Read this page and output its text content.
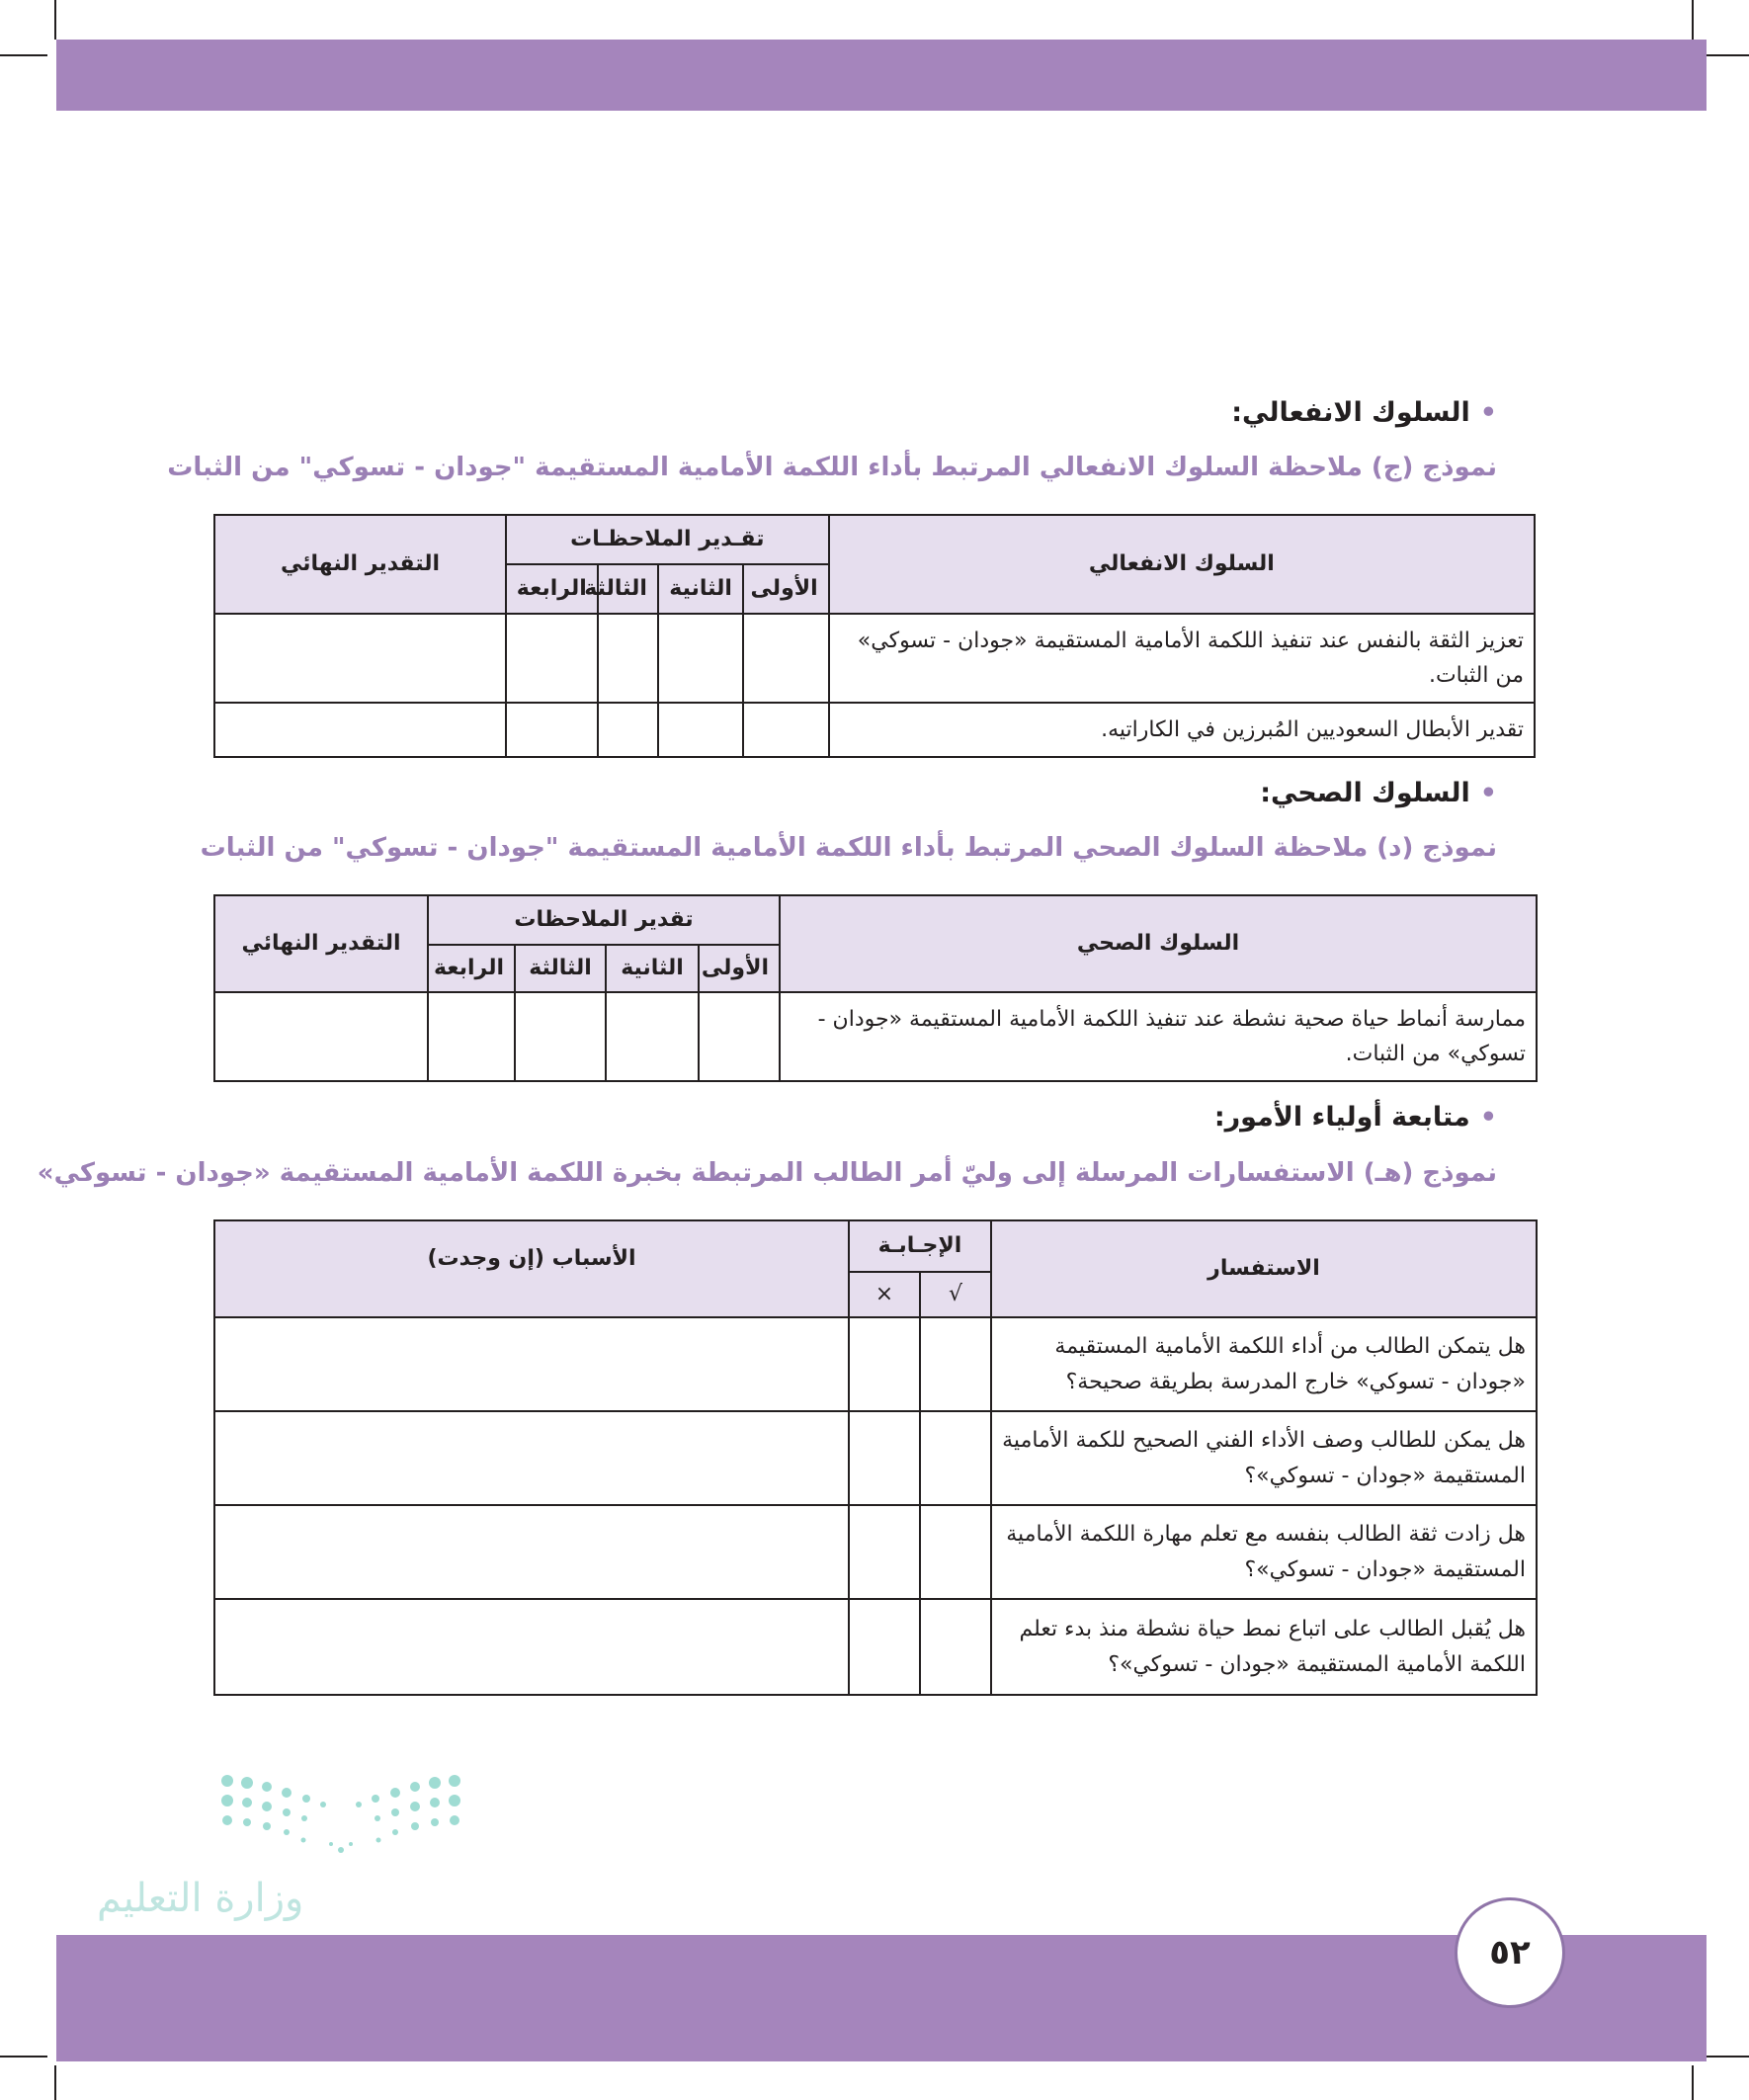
•السلوك الانفعالي:
نموذج (ج) ملاحظة السلوك الانفعالي المرتبط بأداء اللكمة الأمامية المستقيمة "جودان - تسوكي" من الثبات
السلوك الانفعالي	تقـدير الملاحظـات				التقدير النهائي
	الأولى	الثانية	الثالثة	الرابعة	
تعزيز الثقة بالنفس عند تنفيذ اللكمة الأمامية المستقيمة «جودان - تسوكي» من الثبات.					
تقدير الأبطال السعوديين المُبرزين في الكاراتيه.					
•السلوك الصحي:
نموذج (د) ملاحظة السلوك الصحي المرتبط بأداء اللكمة الأمامية المستقيمة "جودان - تسوكي" من الثبات
السلوك الصحي	تقدير الملاحظات				التقدير النهائي
	الأولى	الثانية	الثالثة	الرابعة	
ممارسة أنماط حياة صحية نشطة عند تنفيذ اللكمة الأمامية المستقيمة «جودان - تسوكي» من الثبات.					
•متابعة أولياء الأمور:
نموذج (هـ) الاستفسارات المرسلة إلى وليّ أمر الطالب المرتبطة بخبرة اللكمة الأمامية المستقيمة «جودان - تسوكي»
الاستفسار	الإجـابـة		الأسباب (إن وجدت)
	√	×	
هل يتمكن الطالب من أداء اللكمة الأمامية المستقيمة «جودان - تسوكي» خارج المدرسة بطريقة صحيحة؟			
هل يمكن للطالب وصف الأداء الفني الصحيح للكمة الأمامية المستقيمة «جودان - تسوكي»؟			
هل زادت ثقة الطالب بنفسه مع تعلم مهارة اللكمة الأمامية المستقيمة «جودان - تسوكي»؟			
هل يُقبل الطالب على اتباع نمط حياة نشطة منذ بدء تعلم اللكمة الأمامية المستقيمة «جودان - تسوكي»؟			
وزارة التعليم
٥٢
